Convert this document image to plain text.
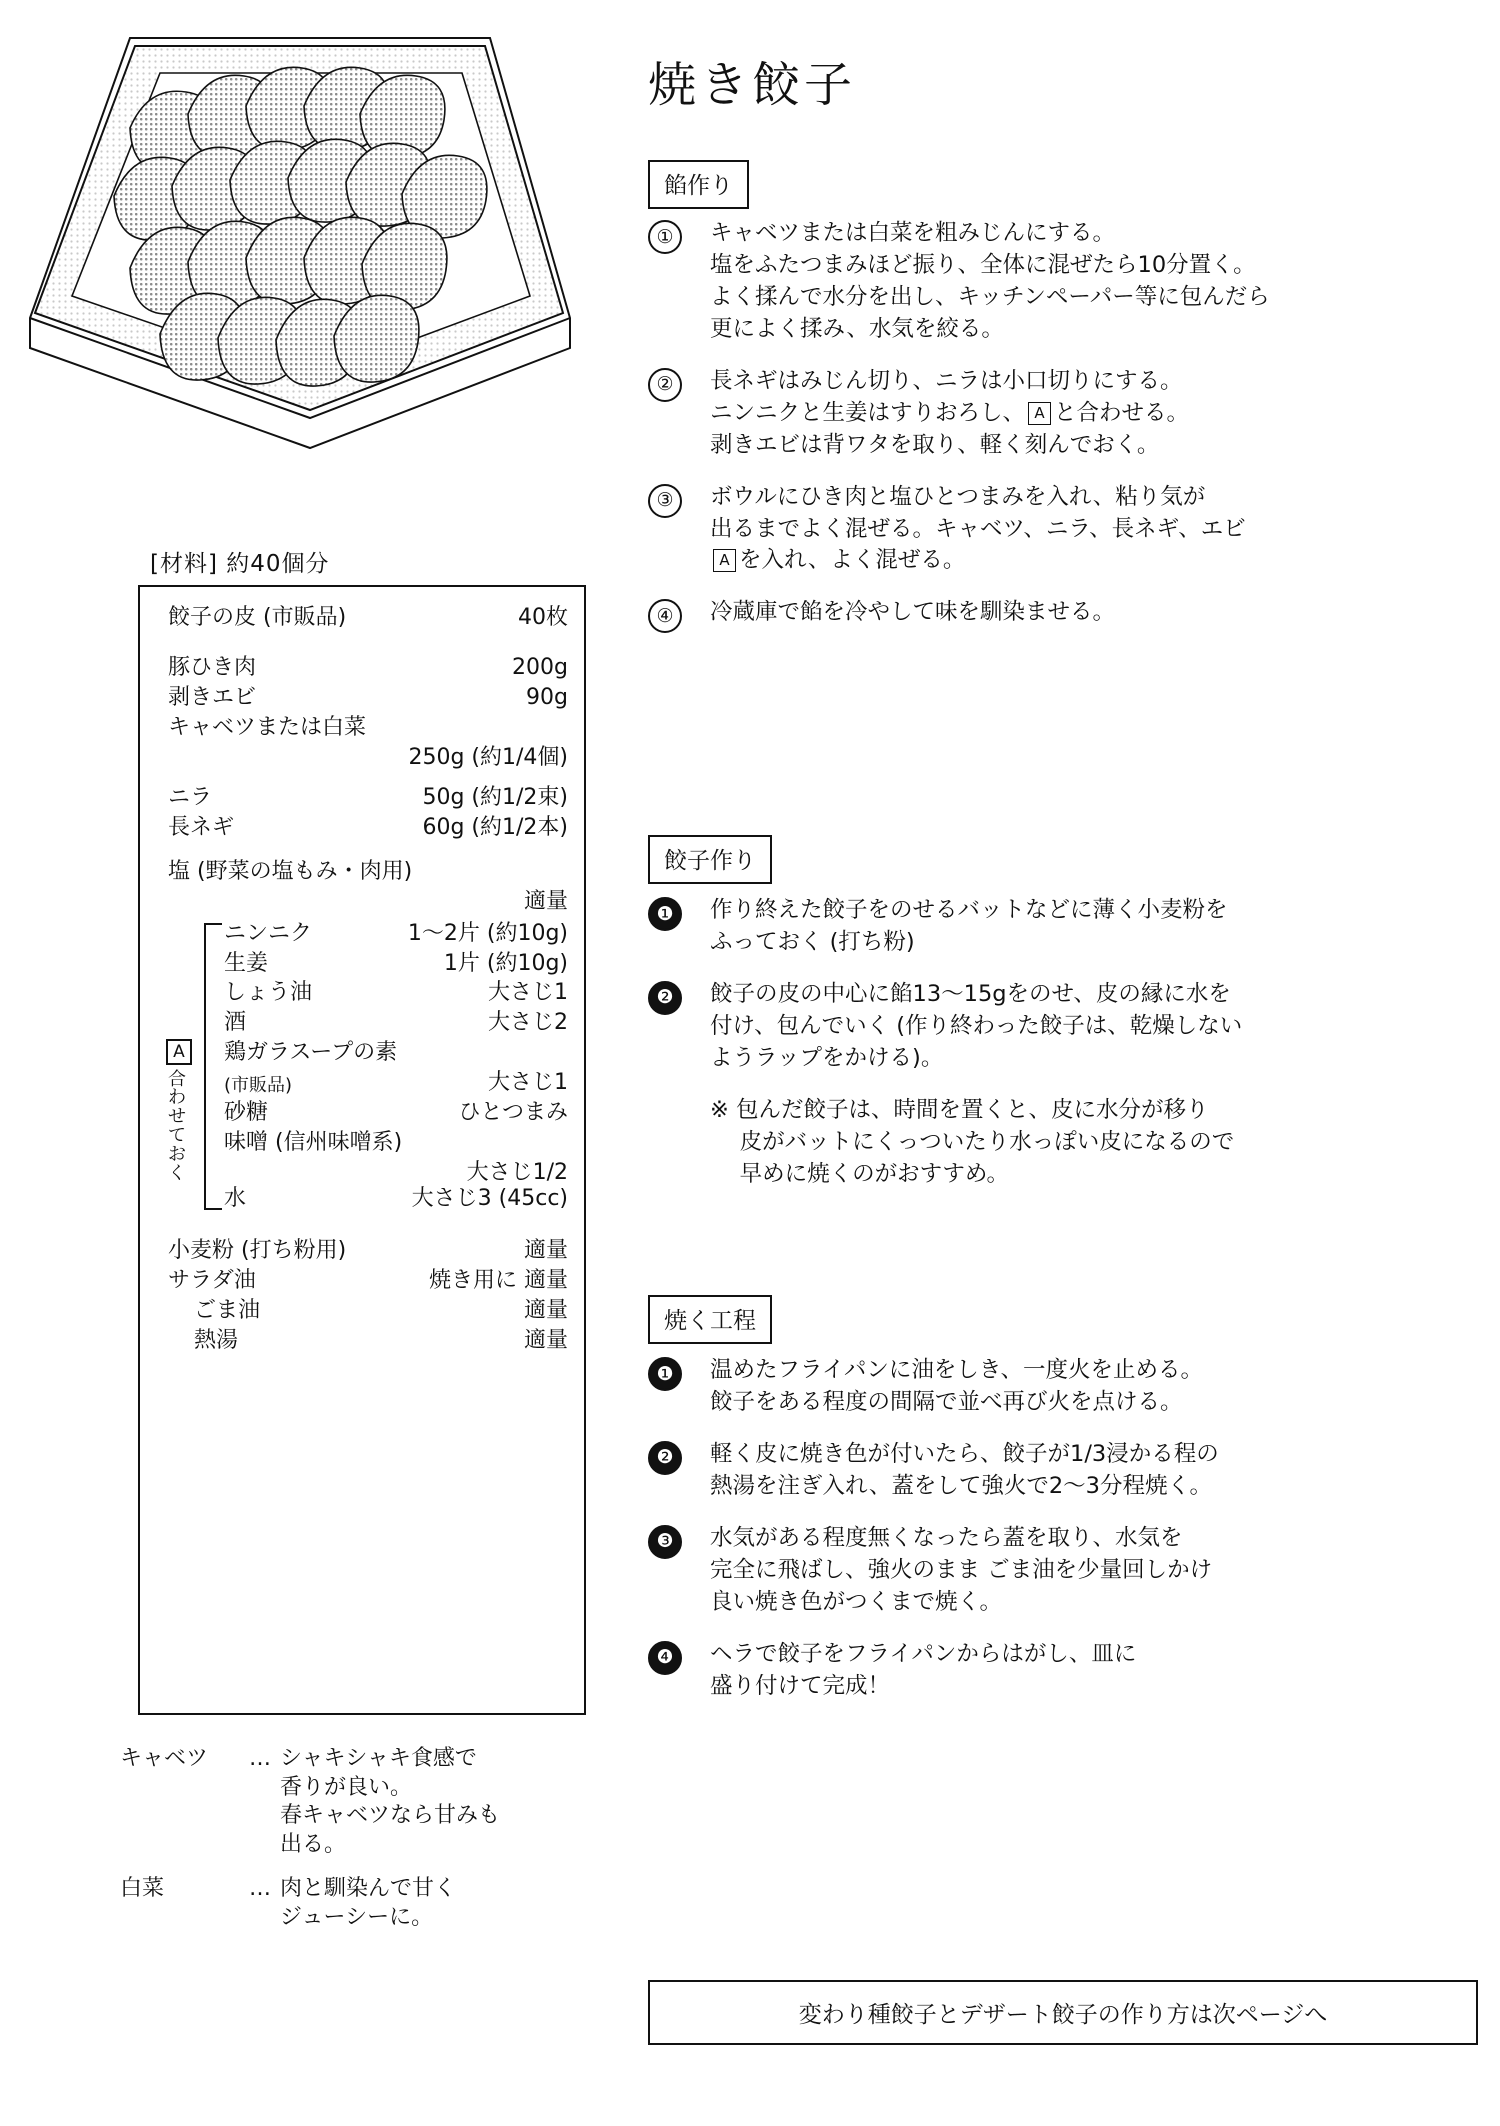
[材料] 約40個分
餃子の皮 (市販品)	40枚
豚ひき肉	200g
剥きエビ	90g
キャベツまたは白菜
250g (約1/4個)
ニラ	50g (約1/2束)
長ネギ	60g (約1/2本)
塩 (野菜の塩もみ・肉用)
適量
A
合わせておく
ニンニク	1〜2片 (約10g)
生姜	1片 (約10g)
しょう油	大さじ1
酒	大さじ2
鶏ガラスープの素
(市販品)	大さじ1
砂糖	ひとつまみ
味噌 (信州味噌系)
大さじ1/2
水	大さじ3 (45cc)
小麦粉 (打ち粉用)	適量
サラダ油	焼き用に 適量
ごま油	適量
熱湯	適量
キャベツ	… シャキシャキ食感で
香りが良い。
春キャベツなら甘みも
出る。
白菜	… 肉と馴染んで甘く
ジューシーに。
焼き餃子
餡作り
①	キャベツまたは白菜を粗みじんにする。
塩をふたつまみほど振り、全体に混ぜたら10分置く。
よく揉んで水分を出し、キッチンペーパー等に包んだら
更によく揉み、水気を絞る。
②	長ネギはみじん切り、ニラは小口切りにする。
ニンニクと生姜はすりおろし、 A と合わせる。
剥きエビは背ワタを取り、軽く刻んでおく。
③	ボウルにひき肉と塩ひとつまみを入れ、粘り気が
出るまでよく混ぜる。キャベツ、ニラ、長ネギ、エビ
A を入れ、よく混ぜる。
④	冷蔵庫で餡を冷やして味を馴染ませる。
餃子作り
❶	作り終えた餃子をのせるバットなどに薄く小麦粉を
ふっておく (打ち粉)
❷	餃子の皮の中心に餡13〜15gをのせ、皮の縁に水を
付け、包んでいく (作り終わった餃子は、乾燥しない
ようラップをかける)。
※ 包んだ餃子は、時間を置くと、皮に水分が移り
　 皮がバットにくっついたり水っぽい皮になるので
　 早めに焼くのがおすすめ。
焼く工程
❶	温めたフライパンに油をしき、一度火を止める。
餃子をある程度の間隔で並べ再び火を点ける。
❷	軽く皮に焼き色が付いたら、餃子が1/3浸かる程の
熱湯を注ぎ入れ、蓋をして強火で2〜3分程焼く。
❸	水気がある程度無くなったら蓋を取り、水気を
完全に飛ばし、強火のまま ごま油を少量回しかけ
良い焼き色がつくまで焼く。
❹	ヘラで餃子をフライパンからはがし、皿に
盛り付けて完成！
変わり種餃子とデザート餃子の作り方は次ページへ
